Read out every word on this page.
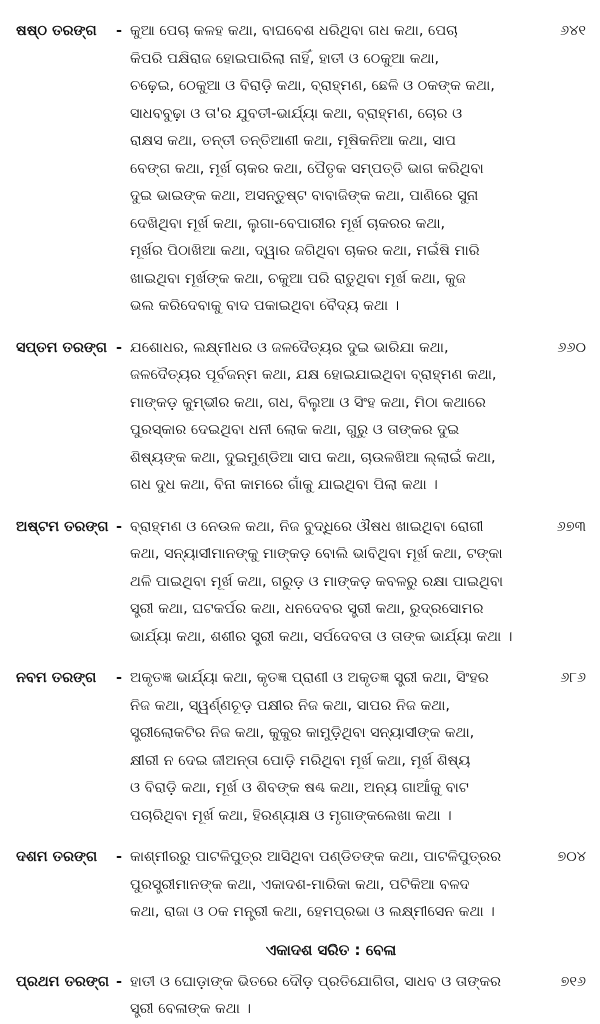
ଷଷ୍ଠ ତରଙ୍ଗ	- କୁଆ ପେଚା କଳହ କଥା, ବାଘବେଶ ଧରିଥିବା ଗଧ କଥା, ପେଚା
କିପରି ପକ୍ଷିରାଜ ହୋଇପାରିଲା ନାହିଁ, ହାତୀ ଓ ଠେକୁଆ କଥା,
ଚଢ଼େଇ, ଠେକୁଆ ଓ ବିରାଡ଼ି କଥା, ବ୍ରାହ୍ମଣ, ଛେଳି ଓ ଠକଙ୍କ କଥା,
ସାଧବବୁଢ଼ା ଓ ତା'ର ଯୁବତୀ-ଭାର୍ଯ୍ୟା କଥା, ବ୍ରାହ୍ମଣ, ଚୋର ଓ
ରାକ୍ଷସ କଥା, ତନ୍ତୀ ତନ୍ତିଆଣୀ କଥା, ମୂଷିକନିଆ କଥା, ସାପ
ବେଙ୍ଗ କଥା, ମୂର୍ଖ ଚାକର କଥା, ପୈତୃକ ସମ୍ପତ୍ତି ଭାଗ କରିଥିବା
ଦୁଇ ଭାଇଙ୍କ କଥା, ଅସନ୍ତୁଷ୍ଟ ବାବାଜିଙ୍କ କଥା, ପାଣିରେ ସୁନା
ଦେଖିଥିବା ମୂର୍ଖ କଥା, ଲୁଗା-ବେପାରୀର ମୂର୍ଖ ଚାକରର କଥା,
ମୂର୍ଖର ପିଠାଖିଆ କଥା, ଦ୍ୱାର ଜଗିଥିବା ଚାକର କଥା, ମଇଁଷି ମାରି
ଖାଇଥିବା ମୂର୍ଖଙ୍କ କଥା, ଚକୁଆ ପରି ରାତୁଥିବା ମୂର୍ଖ କଥା, କୁଜ
ଭଲ କରିଦେବାକୁ ବାଦ ପକାଇଥିବା ବୈଦ୍ୟ କଥା ।
୬୪୧
ସପ୍ତମ ତରଙ୍ଗ - ଯଶୋଧର, ଲକ୍ଷ୍ମୀଧର ଓ ଜଳଦୈତ୍ୟର ଦୁଇ ଭାରିଯା କଥା,
ଜଳଦୈତ୍ୟର ପୂର୍ବଜନ୍ମ କଥା, ଯକ୍ଷ ହୋଇଯାଇଥିବା ବ୍ରାହ୍ମଣ କଥା,
ମାଙ୍କଡ଼ କୁମ୍ଭୀର କଥା, ଗଧ, ବିଲୁଆ ଓ ସିଂହ କଥା, ମିଠା କଥାରେ
ପୁରସ୍କାର ଦେଇଥିବା ଧନୀ ଲୋକ କଥା, ଗୁରୁ ଓ ତାଙ୍କର ଦୁଇ
ଶିଷ୍ୟଙ୍କ କଥା, ଦୁଇମୁଣ୍ଡିଆ ସାପ କଥା, ଚାଉଳଖିଆ ଲ୍ଲାଇଁ କଥା,
ଗଧ ଦୁଧ କଥା, ବିନା କାମରେ ଗାଁକୁ ଯାଇଥିବା ପିଲା କଥା ।
୬୬୦
ଅଷ୍ଟମ ତରଙ୍ଗ - ବ୍ରାହ୍ମଣ ଓ ନେଉଳ କଥା, ନିଜ ବୁଦ୍ଧିରେ ଔଷଧ ଖାଇଥିବା ରୋଗୀ
କଥା, ସନ୍ୟାସୀମାନଙ୍କୁ ମାଙ୍କଡ଼ ବୋଲି ଭାବିଥିବା ମୂର୍ଖ କଥା, ଟଙ୍କା
ଥଳି ପାଇଥିବା ମୂର୍ଖ କଥା, ଗରୁଡ଼ ଓ ମାଙ୍କଡ଼ କବଳରୁ ରକ୍ଷା ପାଇଥିବା
ସ୍ତ୍ରୀ କଥା, ଘଟକର୍ପର କଥା, ଧନଦେବର ସ୍ତ୍ରୀ କଥା, ରୁଦ୍ରସୋମର
ଭାର୍ଯ୍ୟା କଥା, ଶଶୀର ସ୍ତ୍ରୀ କଥା, ସର୍ପଦେବତା ଓ ତାଙ୍କ ଭାର୍ଯ୍ୟା କଥା ।
୬୭୩
ନବମ ତରଙ୍ଗ	- ଅକୃତଜ୍ଞ ଭାର୍ଯ୍ୟା କଥା, କୃତଜ୍ଞ ପ୍ରାଣୀ ଓ ଅକୃତଜ୍ଞ ସ୍ତ୍ରୀ କଥା, ସିଂହର
ନିଜ କଥା, ସ୍ୱର୍ଣ୍ଣଚୂଡ଼ ପକ୍ଷୀର ନିଜ କଥା, ସାପର ନିଜ କଥା,
ସ୍ତ୍ରୀଲୋକଟିର ନିଜ କଥା, କୁକୁର କାମୁଡ଼ିଥିବା ସନ୍ୟାସୀଙ୍କ କଥା,
କ୍ଷୀରୀ ନ ଦେଇ ଜୀଅନ୍ତା ପୋଡ଼ି ମରିଥିବା ମୂର୍ଖ କଥା, ମୂର୍ଖ ଶିଷ୍ୟ
ଓ ବିରାଡ଼ି କଥା, ମୂର୍ଖ ଓ ଶିବଙ୍କ ଷଣ୍ଢ କଥା, ଅନ୍ୟ ଗାଆଁକୁ ବାଟ
ପଚାରିଥିବା ମୂର୍ଖ କଥା, ହିରଣ୍ୟାକ୍ଷ ଓ ମୃଗାଙ୍କଲେଖା କଥା ।
୬୮୬
ଦଶମ ତରଙ୍ଗ	- କାଶ୍ମୀରରୁ ପାଟଳିପୁତ୍ର ଆସିଥିବା ପଣ୍ଡିତଙ୍କ କଥା, ପାଟଳିପୁତ୍ରର
ପୁରସ୍ତ୍ରୀମାନଙ୍କ କଥା, ଏକାଦଶ-ମାରିକା କଥା, ପଟିକିଆ ବଳଦ
କଥା, ରାଜା ଓ ଠକ ମନ୍ତ୍ରୀ କଥା, ହେମପ୍ରଭା ଓ ଲକ୍ଷ୍ମୀସେନ କଥା ।
୭୦୪
ଏକାଦଶ ସରିତ : ବେଳା
ପ୍ରଥମ ତରଙ୍ଗ - ହାତୀ ଓ ଘୋଡ଼ାଙ୍କ ଭିତରେ ଦୌଡ଼ ପ୍ରତିଯୋଗିତା, ସାଧବ ଓ ତାଙ୍କର
ସ୍ତ୍ରୀ ବେଳାଙ୍କ କଥା ।
୭୧୬
